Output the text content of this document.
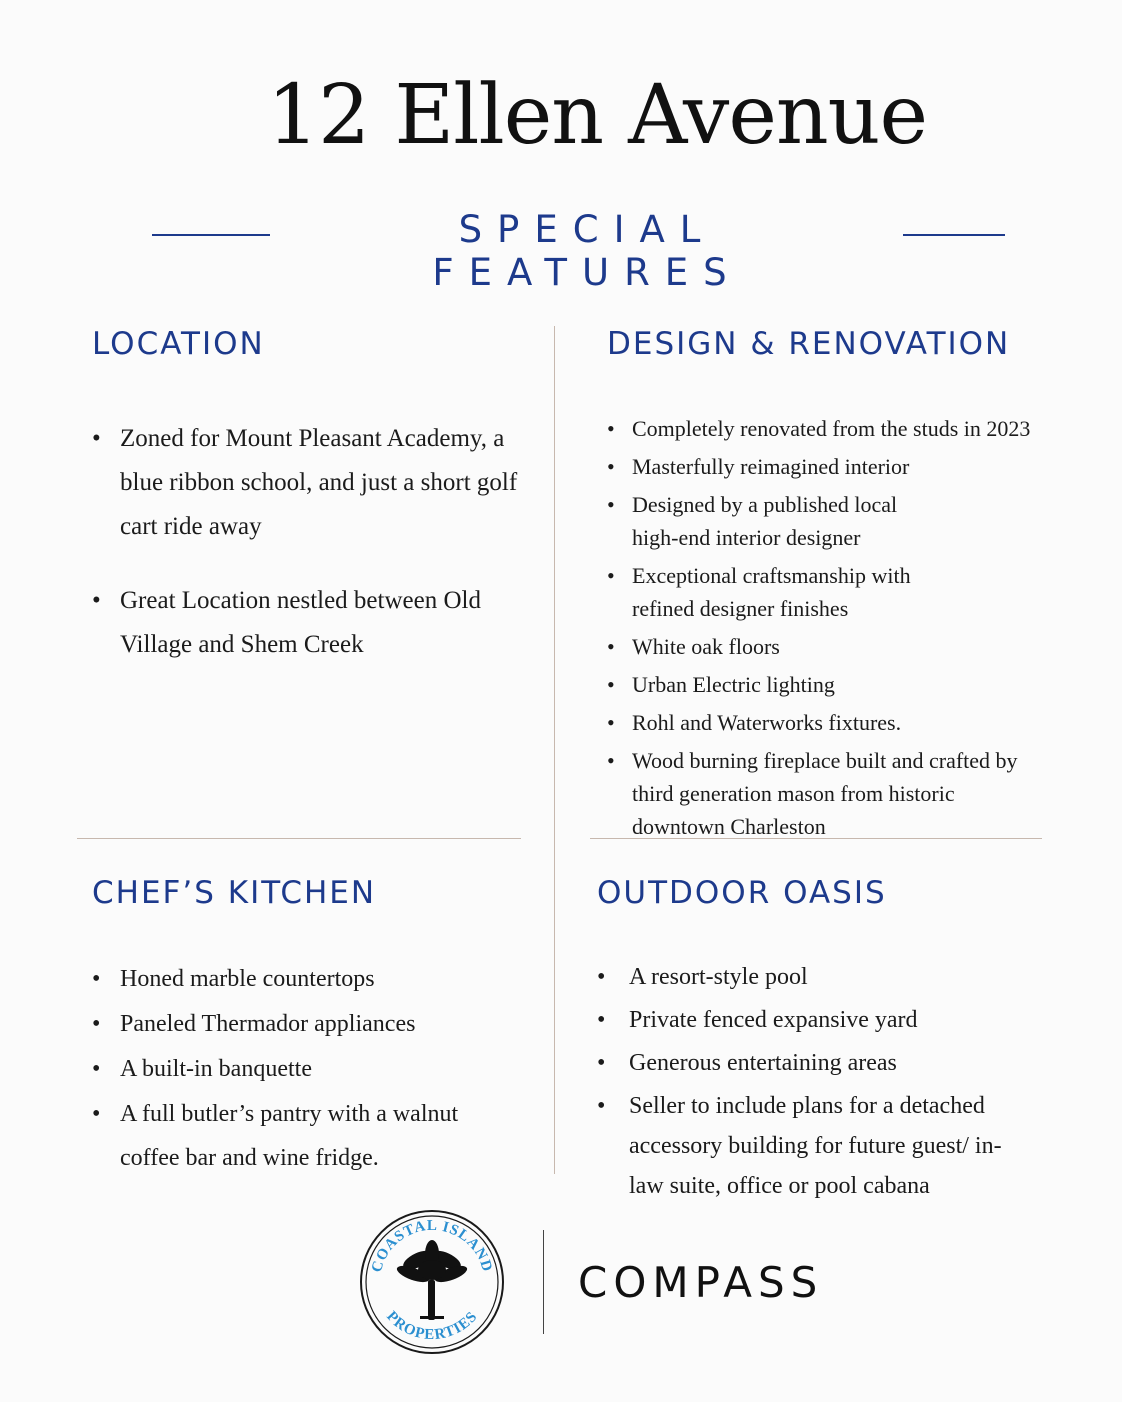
12 Ellen Avenue
SPECIAL FEATURES
LOCATION
• Zoned for Mount Pleasant Academy, a blue ribbon school, and just a short golf cart ride away
• Great Location nestled between Old Village and Shem Creek
DESIGN & RENOVATION
• Completely renovated from the studs in 2023
• Masterfully reimagined interior
• Designed by a published local high-end interior designer
• Exceptional craftsmanship with refined designer finishes
• White oak floors
• Urban Electric lighting
• Rohl and Waterworks fixtures.
• Wood burning fireplace built and crafted by third generation mason from historic downtown Charleston
CHEF’S KITCHEN
• Honed marble countertops
• Paneled Thermador appliances
• A built-in banquette
• A full butler’s pantry with a walnut coffee bar and wine fridge.
OUTDOOR OASIS
• A resort-style pool
• Private fenced expansive yard
• Generous entertaining areas
• Seller to include plans for a detached accessory building for future guest/ in-law suite, office or pool cabana
COASTAL ISLAND
PROPERTIES
COMPASS
